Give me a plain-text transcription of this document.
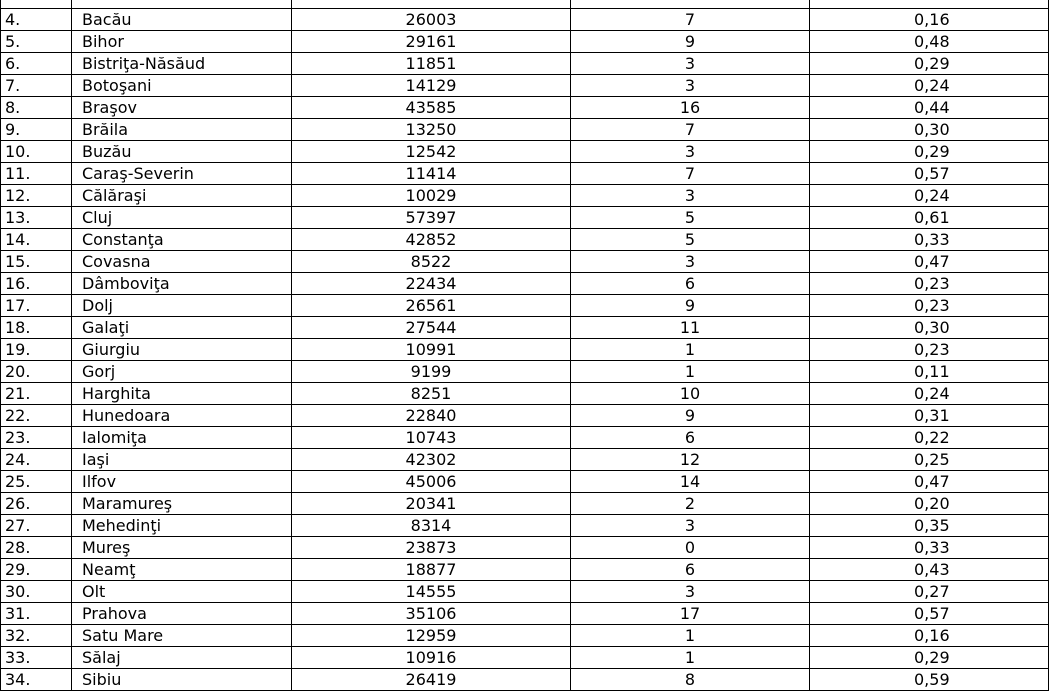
4.	Bacău	26003	7	0,16
5.	Bihor	29161	9	0,48
6.	Bistriţa-Năsăud	11851	3	0,29
7.	Botoşani	14129	3	0,24
8.	Braşov	43585	16	0,44
9.	Brăila	13250	7	0,30
10.	Buzău	12542	3	0,29
11.	Caraş-Severin	11414	7	0,57
12.	Călăraşi	10029	3	0,24
13.	Cluj	57397	5	0,61
14.	Constanţa	42852	5	0,33
15.	Covasna	8522	3	0,47
16.	Dâmboviţa	22434	6	0,23
17.	Dolj	26561	9	0,23
18.	Galaţi	27544	11	0,30
19.	Giurgiu	10991	1	0,23
20.	Gorj	9199	1	0,11
21.	Harghita	8251	10	0,24
22.	Hunedoara	22840	9	0,31
23.	Ialomiţa	10743	6	0,22
24.	Iaşi	42302	12	0,25
25.	Ilfov	45006	14	0,47
26.	Maramureş	20341	2	0,20
27.	Mehedinţi	8314	3	0,35
28.	Mureş	23873	0	0,33
29.	Neamţ	18877	6	0,43
30.	Olt	14555	3	0,27
31.	Prahova	35106	17	0,57
32.	Satu Mare	12959	1	0,16
33.	Sălaj	10916	1	0,29
34.	Sibiu	26419	8	0,59
